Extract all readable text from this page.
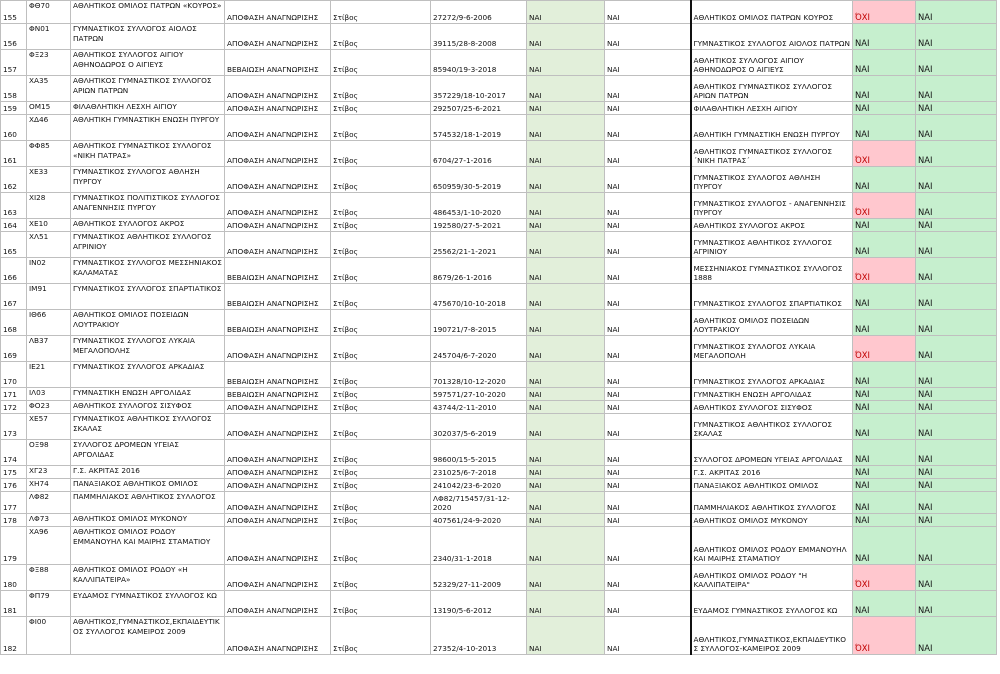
155	ΦΘ70	ΑΘΛΗΤΙΚΟΣ ΟΜΙΛΟΣ ΠΑΤΡΩΝ «ΚΟΥΡΟΣ»	ΑΠΟΦΑΣΗ ΑΝΑΓΝΩΡΙΣΗΣ	Στίβος	27272/9-6-2006	ΝΑΙ	ΝΑΙ	ΑΘΛΗΤΙΚΟΣ ΟΜΙΛΟΣ ΠΑΤΡΩΝ ΚΟΥΡΟΣ	ΌΧΙ	ΝΑΙ
156	ΦΝ01	ΓΥΜΝΑΣΤΙΚΟΣ ΣΥΛΛΟΓΟΣ ΑΙΟΛΟΣ ΠΑΤΡΩΝ	ΑΠΟΦΑΣΗ ΑΝΑΓΝΩΡΙΣΗΣ	Στίβος	39115/28-8-2008	ΝΑΙ	ΝΑΙ	ΓΥΜΝΑΣΤΙΚΟΣ ΣΥΛΛΟΓΟΣ ΑΙΟΛΟΣ ΠΑΤΡΩΝ	ΝΑΙ	ΝΑΙ
157	ΦΞ23	ΑΘΛΗΤΙΚΟΣ ΣΥΛΛΟΓΟΣ ΑΙΓΙΟΥ ΑΘΗΝΟΔΩΡΟΣ Ο ΑΙΓΙΕΥΣ	ΒΕΒΑΙΩΣΗ ΑΝΑΓΝΩΡΙΣΗΣ	Στίβος	85940/19-3-2018	ΝΑΙ	ΝΑΙ	ΑΘΛΗΤΙΚΟΣ ΣΥΛΛΟΓΟΣ ΑΙΓΙΟΥ ΑΘΗΝΟΔΩΡΟΣ Ο ΑΙΓΙΕΥΣ	ΝΑΙ	ΝΑΙ
158	ΧΑ35	ΑΘΛΗΤΙΚΟΣ ΓΥΜΝΑΣΤΙΚΟΣ ΣΥΛΛΟΓΟΣ ΑΡΙΩΝ ΠΑΤΡΩΝ	ΑΠΟΦΑΣΗ ΑΝΑΓΝΩΡΙΣΗΣ	Στίβος	357229/18-10-2017	ΝΑΙ	ΝΑΙ	ΑΘΛΗΤΙΚΟΣ ΓΥΜΝΑΣΤΙΚΟΣ ΣΥΛΛΟΓΟΣ ΑΡΙΩΝ ΠΑΤΡΩΝ	ΝΑΙ	ΝΑΙ
159	ΟΜ15	ΦΙΛΑΘΛΗΤΙΚΗ ΛΕΣΧΗ ΑΙΓΙΟΥ	ΑΠΟΦΑΣΗ ΑΝΑΓΝΩΡΙΣΗΣ	Στίβος	292507/25-6-2021	ΝΑΙ	ΝΑΙ	ΦΙΛΑΘΛΗΤΙΚΗ ΛΕΣΧΗ ΑΙΓΙΟΥ	ΝΑΙ	ΝΑΙ
160	ΧΔ46	ΑΘΛΗΤΙΚΗ ΓΥΜΝΑΣΤΙΚΗ ΕΝΩΣΗ ΠΥΡΓΟΥ	ΑΠΟΦΑΣΗ ΑΝΑΓΝΩΡΙΣΗΣ	Στίβος	574532/18-1-2019	ΝΑΙ	ΝΑΙ	ΑΘΛΗΤΙΚΗ ΓΥΜΝΑΣΤΙΚΗ ΕΝΩΣΗ ΠΥΡΓΟΥ	ΝΑΙ	ΝΑΙ
161	ΦΦ85	ΑΘΛΗΤΙΚΟΣ ΓΥΜΝΑΣΤΙΚΟΣ ΣΥΛΛΟΓΟΣ «ΝΙΚΗ ΠΑΤΡΑΣ»	ΑΠΟΦΑΣΗ ΑΝΑΓΝΩΡΙΣΗΣ	Στίβος	6704/27-1-2016	ΝΑΙ	ΝΑΙ	ΑΘΛΗΤΙΚΟΣ ΓΥΜΝΑΣΤΙΚΟΣ ΣΥΛΛΟΓΟΣ ΄ΝΙΚΗ ΠΑΤΡΑΣ΄	ΌΧΙ	ΝΑΙ
162	ΧΕ33	ΓΥΜΝΑΣΤΙΚΟΣ ΣΥΛΛΟΓΟΣ ΑΘΛΗΣΗ ΠΥΡΓΟΥ	ΑΠΟΦΑΣΗ ΑΝΑΓΝΩΡΙΣΗΣ	Στίβος	650959/30-5-2019	ΝΑΙ	ΝΑΙ	ΓΥΜΝΑΣΤΙΚΟΣ ΣΥΛΛΟΓΟΣ ΑΘΛΗΣΗ ΠΥΡΓΟΥ	ΝΑΙ	ΝΑΙ
163	ΧΙ28	ΓΥΜΝΑΣΤΙΚΟΣ ΠΟΛΙΤΙΣΤΙΚΟΣ ΣΥΛΛΟΓΟΣ ΑΝΑΓΕΝΝΗΣΙΣ ΠΥΡΓΟΥ	ΑΠΟΦΑΣΗ ΑΝΑΓΝΩΡΙΣΗΣ	Στίβος	486453/1-10-2020	ΝΑΙ	ΝΑΙ	ΓΥΜΝΑΣΤΙΚΟΣ ΣΥΛΛΟΓΟΣ - ΑΝΑΓΕΝΝΗΣΙΣ ΠΥΡΓΟΥ	ΌΧΙ	ΝΑΙ
164	ΧΕ10	ΑΘΛΗΤΙΚΟΣ ΣΥΛΛΟΓΟΣ ΑΚΡΟΣ	ΑΠΟΦΑΣΗ ΑΝΑΓΝΩΡΙΣΗΣ	Στίβος	192580/27-5-2021	ΝΑΙ	ΝΑΙ	ΑΘΛΗΤΙΚΟΣ ΣΥΛΛΟΓΟΣ ΑΚΡΟΣ	ΝΑΙ	ΝΑΙ
165	ΧΛ51	ΓΥΜΝΑΣΤΙΚΟΣ ΑΘΛΗΤΙΚΟΣ ΣΥΛΛΟΓΟΣ ΑΓΡΙΝΙΟΥ	ΑΠΟΦΑΣΗ ΑΝΑΓΝΩΡΙΣΗΣ	Στίβος	25562/21-1-2021	ΝΑΙ	ΝΑΙ	ΓΥΜΝΑΣΤΙΚΟΣ ΑΘΛΗΤΙΚΟΣ ΣΥΛΛΟΓΟΣ ΑΓΡΙΝΙΟΥ	ΝΑΙ	ΝΑΙ
166	ΙΝ02	ΓΥΜΝΑΣΤΙΚΟΣ ΣΥΛΛΟΓΟΣ ΜΕΣΣΗΝΙΑΚΟΣ ΚΑΛΑΜΑΤΑΣ	ΒΕΒΑΙΩΣΗ ΑΝΑΓΝΩΡΙΣΗΣ	Στίβος	8679/26-1-2016	ΝΑΙ	ΝΑΙ	ΜΕΣΣΗΝΙΑΚΟΣ ΓΥΜΝΑΣΤΙΚΟΣ ΣΥΛΛΟΓΟΣ 1888	ΌΧΙ	ΝΑΙ
167	ΙΜ91	ΓΥΜΝΑΣΤΙΚΟΣ ΣΥΛΛΟΓΟΣ ΣΠΑΡΤΙΑΤΙΚΟΣ	ΒΕΒΑΙΩΣΗ ΑΝΑΓΝΩΡΙΣΗΣ	Στίβος	475670/10-10-2018	ΝΑΙ	ΝΑΙ	ΓΥΜΝΑΣΤΙΚΟΣ ΣΥΛΛΟΓΟΣ ΣΠΑΡΤΙΑΤΙΚΟΣ	ΝΑΙ	ΝΑΙ
168	ΙΘ66	ΑΘΛΗΤΙΚΟΣ ΟΜΙΛΟΣ ΠΟΣΕΙΔΩΝ ΛΟΥΤΡΑΚΙΟΥ	ΒΕΒΑΙΩΣΗ ΑΝΑΓΝΩΡΙΣΗΣ	Στίβος	190721/7-8-2015	ΝΑΙ	ΝΑΙ	ΑΘΛΗΤΙΚΟΣ ΟΜΙΛΟΣ ΠΟΣΕΙΔΩΝ ΛΟΥΤΡΑΚΙΟΥ	ΝΑΙ	ΝΑΙ
169	ΛΒ37	ΓΥΜΝΑΣΤΙΚΟΣ ΣΥΛΛΟΓΟΣ ΛΥΚΑΙΑ ΜΕΓΑΛΟΠΟΛΗΣ	ΑΠΟΦΑΣΗ ΑΝΑΓΝΩΡΙΣΗΣ	Στίβος	245704/6-7-2020	ΝΑΙ	ΝΑΙ	ΓΥΜΝΑΣΤΙΚΟΣ ΣΥΛΛΟΓΟΣ ΛΥΚΑΙΑ ΜΕΓΑΛΟΠΟΛΗ	ΌΧΙ	ΝΑΙ
170	ΙΕ21	ΓΥΜΝΑΣΤΙΚΟΣ ΣΥΛΛΟΓΟΣ ΑΡΚΑΔΙΑΣ	ΒΕΒΑΙΩΣΗ ΑΝΑΓΝΩΡΙΣΗΣ	Στίβος	701328/10-12-2020	ΝΑΙ	ΝΑΙ	ΓΥΜΝΑΣΤΙΚΟΣ ΣΥΛΛΟΓΟΣ ΑΡΚΑΔΙΑΣ	ΝΑΙ	ΝΑΙ
171	ΙΛ03	ΓΥΜΝΑΣΤΙΚΗ ΕΝΩΣΗ ΑΡΓΟΛΙΔΑΣ	ΒΕΒΑΙΩΣΗ ΑΝΑΓΝΩΡΙΣΗΣ	Στίβος	597571/27-10-2020	ΝΑΙ	ΝΑΙ	ΓΥΜΝΑΣΤΙΚΗ ΕΝΩΣΗ ΑΡΓΟΛΙΔΑΣ	ΝΑΙ	ΝΑΙ
172	ΦΟ23	ΑΘΛΗΤΙΚΟΣ ΣΥΛΛΟΓΟΣ ΣΙΣΥΦΟΣ	ΑΠΟΦΑΣΗ ΑΝΑΓΝΩΡΙΣΗΣ	Στίβος	43744/2-11-2010	ΝΑΙ	ΝΑΙ	ΑΘΛΗΤΙΚΟΣ ΣΥΛΛΟΓΟΣ ΣΙΣΥΦΟΣ	ΝΑΙ	ΝΑΙ
173	ΧΕ57	ΓΥΜΝΑΣΤΙΚΟΣ ΑΘΛΗΤΙΚΟΣ ΣΥΛΛΟΓΟΣ ΣΚΑΛΑΣ	ΑΠΟΦΑΣΗ ΑΝΑΓΝΩΡΙΣΗΣ	Στίβος	302037/5-6-2019	ΝΑΙ	ΝΑΙ	ΓΥΜΝΑΣΤΙΚΟΣ ΑΘΛΗΤΙΚΟΣ ΣΥΛΛΟΓΟΣ ΣΚΑΛΑΣ	ΝΑΙ	ΝΑΙ
174	ΟΞ98	ΣΥΛΛΟΓΟΣ ΔΡΟΜΕΩΝ ΥΓΕΙΑΣ ΑΡΓΟΛΙΔΑΣ	ΑΠΟΦΑΣΗ ΑΝΑΓΝΩΡΙΣΗΣ	Στίβος	98600/15-5-2015	ΝΑΙ	ΝΑΙ	ΣΥΛΛΟΓΟΣ ΔΡΟΜΕΩΝ ΥΓΕΙΑΣ ΑΡΓΟΛΙΔΑΣ	ΝΑΙ	ΝΑΙ
175	ΧΓ23	Γ.Σ. ΑΚΡΙΤΑΣ 2016	ΑΠΟΦΑΣΗ ΑΝΑΓΝΩΡΙΣΗΣ	Στίβος	231025/6-7-2018	ΝΑΙ	ΝΑΙ	Γ.Σ. ΑΚΡΙΤΑΣ 2016	ΝΑΙ	ΝΑΙ
176	ΧΗ74	ΠΑΝΑΞΙΑΚΟΣ ΑΘΛΗΤΙΚΟΣ ΟΜΙΛΟΣ	ΑΠΟΦΑΣΗ ΑΝΑΓΝΩΡΙΣΗΣ	Στίβος	241042/23-6-2020	ΝΑΙ	ΝΑΙ	ΠΑΝΑΞΙΑΚΟΣ ΑΘΛΗΤΙΚΟΣ ΟΜΙΛΟΣ	ΝΑΙ	ΝΑΙ
177	ΛΦ82	ΠΑΜΜΗΛΙΑΚΟΣ ΑΘΛΗΤΙΚΟΣ ΣΥΛΛΟΓΟΣ	ΑΠΟΦΑΣΗ ΑΝΑΓΝΩΡΙΣΗΣ	Στίβος	ΛΦ82/715457/31-12-2020	ΝΑΙ	ΝΑΙ	ΠΑΜΜΗΛΙΑΚΟΣ ΑΘΛΗΤΙΚΟΣ ΣΥΛΛΟΓΟΣ	ΝΑΙ	ΝΑΙ
178	ΛΦ73	ΑΘΛΗΤΙΚΟΣ ΟΜΙΛΟΣ ΜΥΚΟΝΟΥ	ΑΠΟΦΑΣΗ ΑΝΑΓΝΩΡΙΣΗΣ	Στίβος	407561/24-9-2020	ΝΑΙ	ΝΑΙ	ΑΘΛΗΤΙΚΟΣ ΟΜΙΛΟΣ ΜΥΚΟΝΟΥ	ΝΑΙ	ΝΑΙ
179	ΧΑ96	ΑΘΛΗΤΙΚΟΣ ΟΜΙΛΟΣ ΡΟΔΟΥ ΕΜΜΑΝΟΥΗΛ ΚΑΙ ΜΑΙΡΗΣ ΣΤΑΜΑΤΙΟΥ	ΑΠΟΦΑΣΗ ΑΝΑΓΝΩΡΙΣΗΣ	Στίβος	2340/31-1-2018	ΝΑΙ	ΝΑΙ	ΑΘΛΗΤΙΚΟΣ ΟΜΙΛΟΣ ΡΟΔΟΥ ΕΜΜΑΝΟΥΗΛ ΚΑΙ ΜΑΙΡΗΣ ΣΤΑΜΑΤΙΟΥ	ΝΑΙ	ΝΑΙ
180	ΦΞ88	ΑΘΛΗΤΙΚΟΣ ΟΜΙΛΟΣ ΡΟΔΟΥ «Η ΚΑΛΛΙΠΑΤΕΙΡΑ»	ΑΠΟΦΑΣΗ ΑΝΑΓΝΩΡΙΣΗΣ	Στίβος	52329/27-11-2009	ΝΑΙ	ΝΑΙ	ΑΘΛΗΤΙΚΟΣ ΟΜΙΛΟΣ ΡΟΔΟΥ "Η ΚΑΛΛΙΠΑΤΕΙΡΑ"	ΌΧΙ	ΝΑΙ
181	ΦΠ79	ΕΥΔΑΜΟΣ ΓΥΜΝΑΣΤΙΚΟΣ ΣΥΛΛΟΓΟΣ ΚΩ	ΑΠΟΦΑΣΗ ΑΝΑΓΝΩΡΙΣΗΣ	Στίβος	13190/5-6-2012	ΝΑΙ	ΝΑΙ	ΕΥΔΑΜΟΣ ΓΥΜΝΑΣΤΙΚΟΣ ΣΥΛΛΟΓΟΣ ΚΩ	ΝΑΙ	ΝΑΙ
182	ΦΙ00	ΑΘΛΗΤΙΚΟΣ,ΓΥΜΝΑΣΤΙΚΟΣ,ΕΚΠΑΙΔΕΥΤΙΚΟΣ ΣΥΛΛΟΓΟΣ ΚΑΜΕΙΡΟΣ 2009	ΑΠΟΦΑΣΗ ΑΝΑΓΝΩΡΙΣΗΣ	Στίβος	27352/4-10-2013	ΝΑΙ	ΝΑΙ	ΑΘΛΗΤΙΚΟΣ,ΓΥΜΝΑΣΤΙΚΟΣ,ΕΚΠΑΙΔΕΥΤΙΚΟΣ ΣΥΛΛΟΓΟΣ-ΚΑΜΕΙΡΟΣ 2009	ΌΧΙ	ΝΑΙ
